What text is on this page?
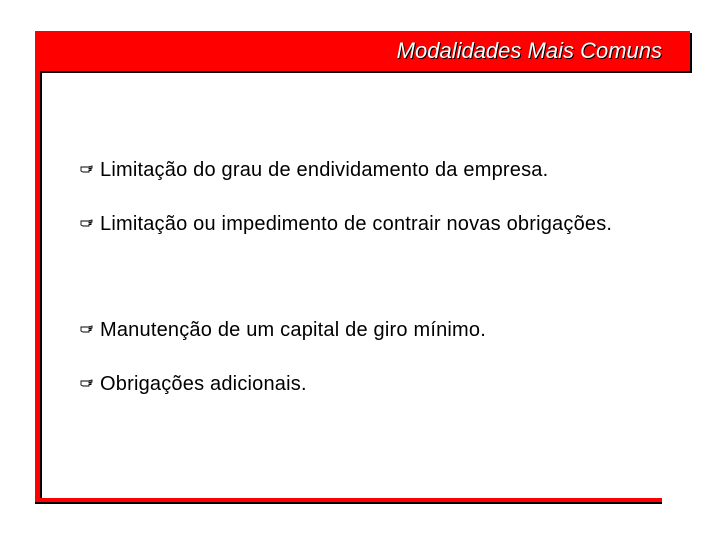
Modalidades Mais Comuns
Limitação do grau de endividamento da empresa.
Limitação ou impedimento de contrair novas obrigações.
Manutenção de um capital de giro mínimo.
Obrigações adicionais.
